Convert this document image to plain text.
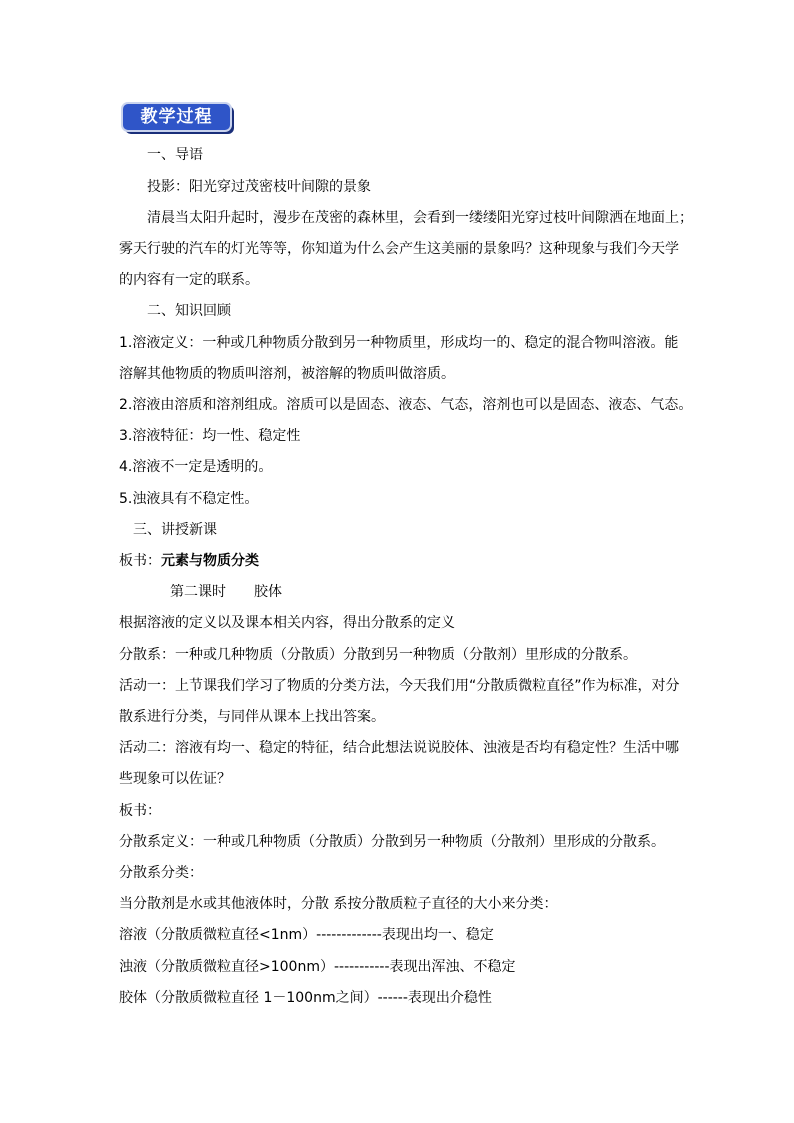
教学过程
一、导语
投影：阳光穿过茂密枝叶间隙的景象
清晨当太阳升起时，漫步在茂密的森林里，会看到一缕缕阳光穿过枝叶间隙洒在地面上；
雾天行驶的汽车的灯光等等，你知道为什么会产生这美丽的景象吗？这种现象与我们今天学
的内容有一定的联系。
二、知识回顾
1.溶液定义：一种或几种物质分散到另一种物质里，形成均一的、稳定的混合物叫溶液。能
溶解其他物质的物质叫溶剂，被溶解的物质叫做溶质。
2.溶液由溶质和溶剂组成。溶质可以是固态、液态、气态，溶剂也可以是固态、液态、气态。
3.溶液特征：均一性、稳定性
4.溶液不一定是透明的。
5.浊液具有不稳定性。
三、讲授新课
板书：元素与物质分类
第二课时 胶体
根据溶液的定义以及课本相关内容，得出分散系的定义
分散系：一种或几种物质（分散质）分散到另一种物质（分散剂）里形成的分散系。
活动一：上节课我们学习了物质的分类方法，今天我们用“分散质微粒直径”作为标准，对分
散系进行分类，与同伴从课本上找出答案。
活动二：溶液有均一、稳定的特征，结合此想法说说胶体、浊液是否均有稳定性？生活中哪
些现象可以佐证？
板书：
分散系定义：一种或几种物质（分散质）分散到另一种物质（分散剂）里形成的分散系。
分散系分类：
当分散剂是水或其他液体时，分散 系按分散质粒子直径的大小来分类：
溶液（分散质微粒直径<1nm）-------------表现出均一、稳定
浊液（分散质微粒直径>100nm）-----------表现出浑浊、不稳定
胶体（分散质微粒直径 1－100nm之间）------表现出介稳性
